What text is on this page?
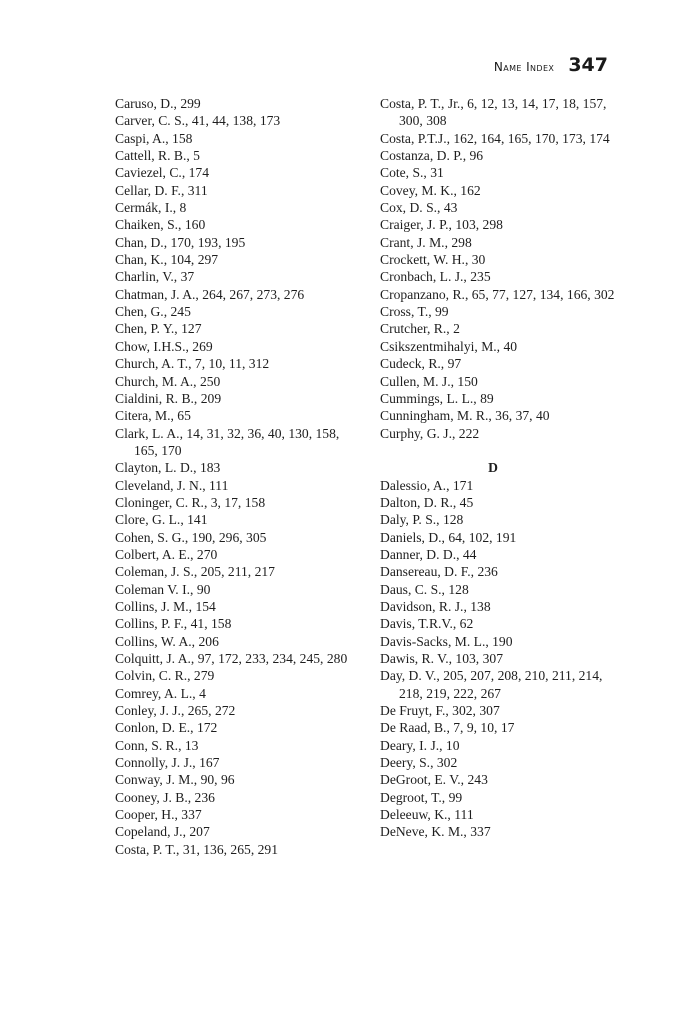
Name Index 347

Caruso, D., 299

Carver, C. S., 41, 44, 138, 173

Caspi, A., 158

Cattell, R. B., 5

Caviezel, C., 174

Cellar, D. F., 311

Cermák, I., 8

Chaiken, S., 160

Chan, D., 170, 193, 195

Chan, K., 104, 297

Charlin, V., 37

Chatman, J. A., 264, 267, 273, 276

Chen, G., 245

Chen, P. Y., 127

Chow, I.H.S., 269

Church, A. T., 7, 10, 11, 312

Church, M. A., 250

Cialdini, R. B., 209

Citera, M., 65

Clark, L. A., 14, 31, 32, 36, 40, 130, 158, 165, 170

Clayton, L. D., 183

Cleveland, J. N., 111

Cloninger, C. R., 3, 17, 158

Clore, G. L., 141

Cohen, S. G., 190, 296, 305

Colbert, A. E., 270

Coleman, J. S., 205, 211, 217

Coleman V. I., 90

Collins, J. M., 154

Collins, P. F., 41, 158

Collins, W. A., 206

Colquitt, J. A., 97, 172, 233, 234, 245, 280

Colvin, C. R., 279

Comrey, A. L., 4

Conley, J. J., 265, 272

Conlon, D. E., 172

Conn, S. R., 13

Connolly, J. J., 167

Conway, J. M., 90, 96

Cooney, J. B., 236

Cooper, H., 337

Copeland, J., 207

Costa, P. T., 31, 136, 265, 291

Costa, P. T., Jr., 6, 12, 13, 14, 17, 18, 157, 300, 308

Costa, P.T.J., 162, 164, 165, 170, 173, 174

Costanza, D. P., 96

Cote, S., 31

Covey, M. K., 162

Cox, D. S., 43

Craiger, J. P., 103, 298

Crant, J. M., 298

Crockett, W. H., 30

Cronbach, L. J., 235

Cropanzano, R., 65, 77, 127, 134, 166, 302

Cross, T., 99

Crutcher, R., 2

Csikszentmihalyi, M., 40

Cudeck, R., 97

Cullen, M. J., 150

Cummings, L. L., 89

Cunningham, M. R., 36, 37, 40

Curphy, G. J., 222

D

Dalessio, A., 171

Dalton, D. R., 45

Daly, P. S., 128

Daniels, D., 64, 102, 191

Danner, D. D., 44

Dansereau, D. F., 236

Daus, C. S., 128

Davidson, R. J., 138

Davis, T.R.V., 62

Davis-Sacks, M. L., 190

Dawis, R. V., 103, 307

Day, D. V., 205, 207, 208, 210, 211, 214, 218, 219, 222, 267

De Fruyt, F., 302, 307

De Raad, B., 7, 9, 10, 17

Deary, I. J., 10

Deery, S., 302

DeGroot, E. V., 243

Degroot, T., 99

Deleeuw, K., 111

DeNeve, K. M., 337
